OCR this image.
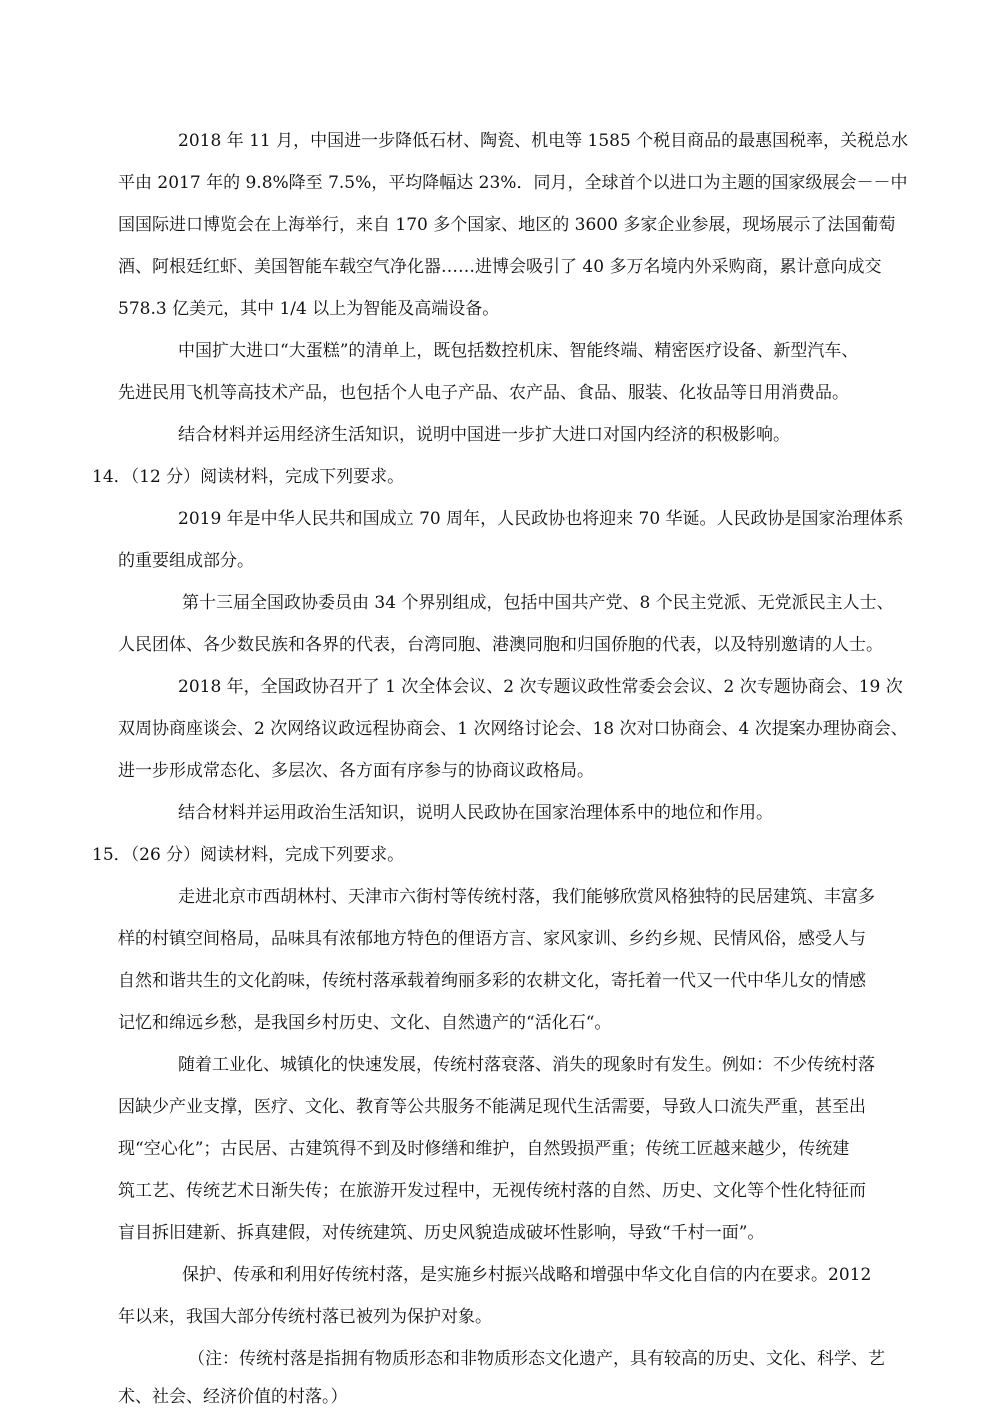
2018 年 11 月，中国进一步降低石材、陶瓷、机电等 1585 个税目商品的最惠国税率，关税总水
平由 2017 年的 9.8%降至 7.5%，平均降幅达 23%．同月，全球首个以进口为主题的国家级展会－－中
国国际进口博览会在上海举行，来自 170 多个国家、地区的 3600 多家企业参展，现场展示了法国葡萄
酒、阿根廷红虾、美国智能车载空气净化器……进博会吸引了 40 多万名境内外采购商，累计意向成交
578.3 亿美元，其中 1/4 以上为智能及高端设备。
中国扩大进口“大蛋糕”的清单上，既包括数控机床、智能终端、精密医疗设备、新型汽车、
先进民用飞机等高技术产品，也包括个人电子产品、农产品、食品、服装、化妆品等日用消费品。
结合材料并运用经济生活知识，说明中国进一步扩大进口对国内经济的积极影响。
14．（12 分）阅读材料，完成下列要求。
2019 年是中华人民共和国成立 70 周年，人民政协也将迎来 70 华诞。人民政协是国家治理体系
的重要组成部分。
第十三届全国政协委员由 34 个界别组成，包括中国共产党、8 个民主党派、无党派民主人士、
人民团体、各少数民族和各界的代表，台湾同胞、港澳同胞和归国侨胞的代表，以及特别邀请的人士。
2018 年，全国政协召开了 1 次全体会议、2 次专题议政性常委会会议、2 次专题协商会、19 次
双周协商座谈会、2 次网络议政远程协商会、1 次网络讨论会、18 次对口协商会、4 次提案办理协商会、
进一步形成常态化、多层次、各方面有序参与的协商议政格局。
结合材料并运用政治生活知识，说明人民政协在国家治理体系中的地位和作用。
15．（26 分）阅读材料，完成下列要求。
走进北京市西胡林村、天津市六街村等传统村落，我们能够欣赏风格独特的民居建筑、丰富多
样的村镇空间格局，品味具有浓郁地方特色的俚语方言、家风家训、乡约乡规、民情风俗，感受人与
自然和谐共生的文化韵味，传统村落承载着绚丽多彩的农耕文化，寄托着一代又一代中华儿女的情感
记忆和绵远乡愁，是我国乡村历史、文化、自然遗产的“活化石“。
随着工业化、城镇化的快速发展，传统村落衰落、消失的现象时有发生。例如：不少传统村落
因缺少产业支撑，医疗、文化、教育等公共服务不能满足现代生活需要，导致人口流失严重，甚至出
现“空心化”；古民居、古建筑得不到及时修缮和维护，自然毁损严重；传统工匠越来越少，传统建
筑工艺、传统艺术日渐失传；在旅游开发过程中，无视传统村落的自然、历史、文化等个性化特征而
盲目拆旧建新、拆真建假，对传统建筑、历史风貌造成破坏性影响，导致“千村一面”。
保护、传承和利用好传统村落，是实施乡村振兴战略和增强中华文化自信的内在要求。2012
年以来，我国大部分传统村落已被列为保护对象。
（注：传统村落是指拥有物质形态和非物质形态文化遗产，具有较高的历史、文化、科学、艺
术、社会、经济价值的村落。）
